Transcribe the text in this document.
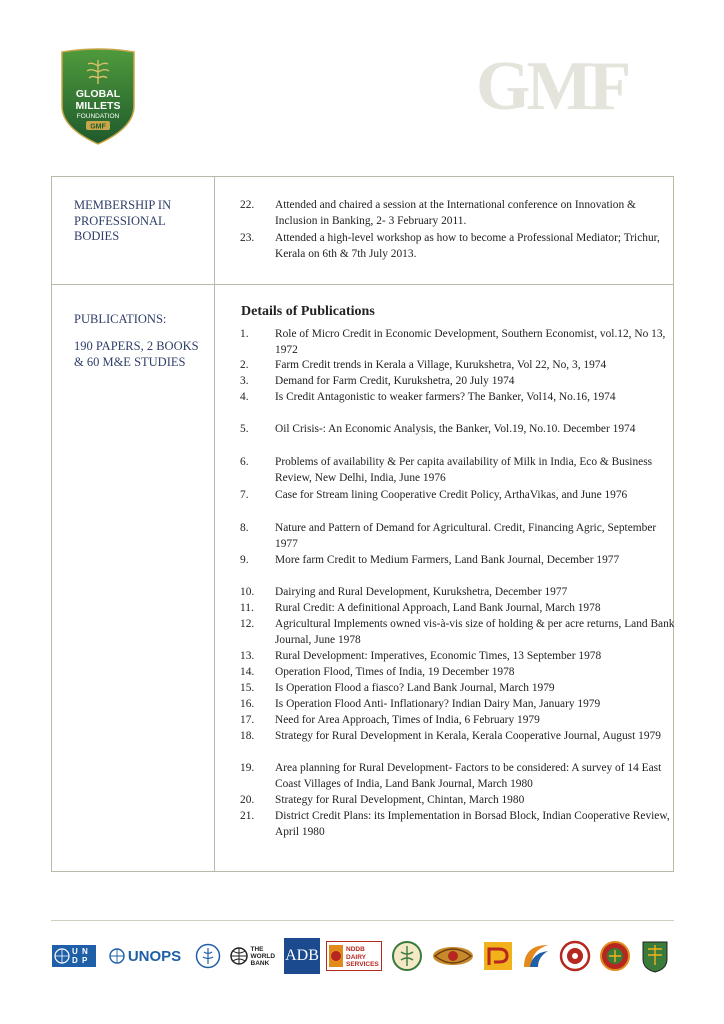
GLOBAL
MILLETS
FOUNDATION
GMF
GMF
MEMBERSHIP IN PROFESSIONAL BODIES
22. Attended and chaired a session at the International conference on Innovation & Inclusion in Banking, 2- 3 February 2011.
23. Attended a high-level workshop as how to become a Professional Mediator; Trichur, Kerala on 6th & 7th July 2013.
PUBLICATIONS:
190 PAPERS, 2 BOOKS & 60 M&E STUDIES
Details of Publications
1. Role of Micro Credit in Economic Development, Southern Economist, vol.12, No 13, 1972
2. Farm Credit trends in Kerala a Village, Kurukshetra, Vol 22, No, 3, 1974
3. Demand for Farm Credit, Kurukshetra, 20 July 1974
4. Is Credit Antagonistic to weaker farmers? The Banker, Vol14, No.16, 1974
5. Oil Crisis-: An Economic Analysis, the Banker, Vol.19, No.10. December 1974
6. Problems of availability & Per capita availability of Milk in India, Eco & Business Review, New Delhi, India, June 1976
7. Case for Stream lining Cooperative Credit Policy, ArthaVikas, and June 1976
8. Nature and Pattern of Demand for Agricultural. Credit, Financing Agric, September 1977
9. More farm Credit to Medium Farmers, Land Bank Journal, December 1977
10. Dairying and Rural Development, Kurukshetra, December 1977
11. Rural Credit: A definitional Approach, Land Bank Journal, March 1978
12. Agricultural Implements owned vis-à-vis size of holding & per acre returns, Land Bank Journal, June 1978
13. Rural Development: Imperatives, Economic Times, 13 September 1978
14. Operation Flood, Times of India, 19 December 1978
15. Is Operation Flood a fiasco? Land Bank Journal, March 1979
16. Is Operation Flood Anti- Inflationary? Indian Dairy Man, January 1979
17. Need for Area Approach, Times of India, 6 February 1979
18. Strategy for Rural Development in Kerala, Kerala Cooperative Journal, August 1979
19. Area planning for Rural Development- Factors to be considered: A survey of 14 East Coast Villages of India, Land Bank Journal, March 1980
20. Strategy for Rural Development, Chintan, March 1980
21. District Credit Plans: its Implementation in Borsad Block, Indian Cooperative Review, April 1980
U N D P	UNOPS	THE WORLD BANK ADB	NDDB DAIRY SERVICES
